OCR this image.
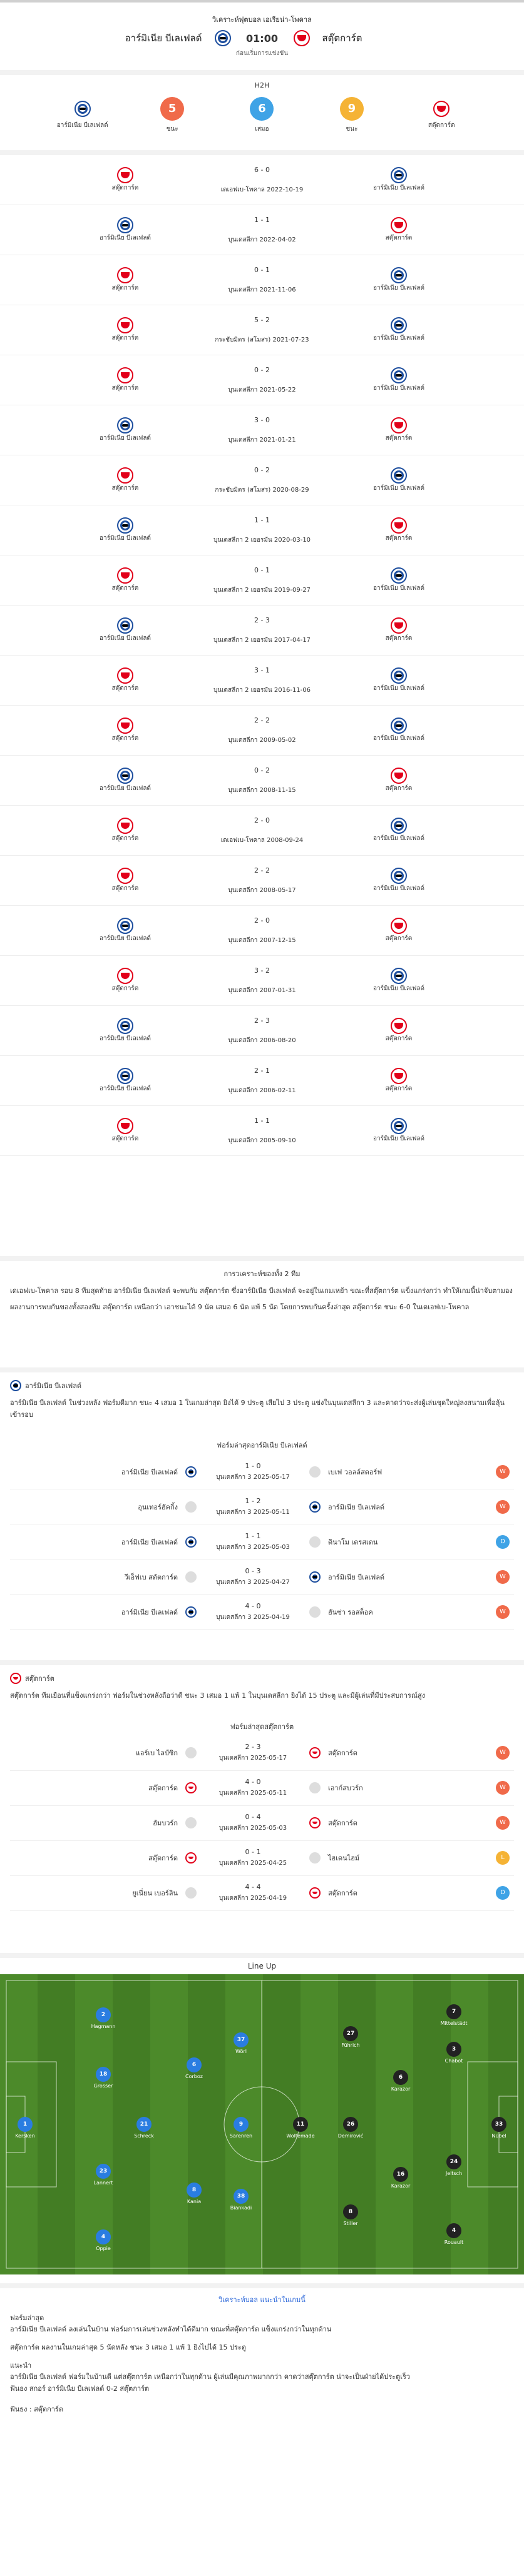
วิเคราะห์ฟุตบอล เอเรียน่า-โพคาล
อาร์มิเนีย บีเลเฟลด์	01:00	สตุ๊ตการ์ต
ก่อนเริ่มการแข่งขัน
H2H
อาร์มิเนีย บีเลเฟลด์
5
ชนะ
6
เสมอ
9
ชนะ
สตุ๊ตการ์ต
สตุ๊ตการ์ต
6 - 0
เดเอฟเบ-โพคาล 2022-10-19	อาร์มิเนีย บีเลเฟลด์
อาร์มิเนีย บีเลเฟลด์
1 - 1
บุนเดสลีกา 2022-04-02	สตุ๊ตการ์ต
สตุ๊ตการ์ต
0 - 1
บุนเดสลีกา 2021-11-06	อาร์มิเนีย บีเลเฟลด์
สตุ๊ตการ์ต
5 - 2
กระชับมิตร (สโมสร) 2021-07-23	อาร์มิเนีย บีเลเฟลด์
สตุ๊ตการ์ต
0 - 2
บุนเดสลีกา 2021-05-22	อาร์มิเนีย บีเลเฟลด์
อาร์มิเนีย บีเลเฟลด์
3 - 0
บุนเดสลีกา 2021-01-21	สตุ๊ตการ์ต
สตุ๊ตการ์ต
0 - 2
กระชับมิตร (สโมสร) 2020-08-29	อาร์มิเนีย บีเลเฟลด์
อาร์มิเนีย บีเลเฟลด์
1 - 1
บุนเดสลีกา 2 เยอรมัน 2020-03-10	สตุ๊ตการ์ต
สตุ๊ตการ์ต
0 - 1
บุนเดสลีกา 2 เยอรมัน 2019-09-27	อาร์มิเนีย บีเลเฟลด์
อาร์มิเนีย บีเลเฟลด์
2 - 3
บุนเดสลีกา 2 เยอรมัน 2017-04-17	สตุ๊ตการ์ต
สตุ๊ตการ์ต
3 - 1
บุนเดสลีกา 2 เยอรมัน 2016-11-06	อาร์มิเนีย บีเลเฟลด์
สตุ๊ตการ์ต
2 - 2
บุนเดสลีกา 2009-05-02	อาร์มิเนีย บีเลเฟลด์
อาร์มิเนีย บีเลเฟลด์
0 - 2
บุนเดสลีกา 2008-11-15	สตุ๊ตการ์ต
สตุ๊ตการ์ต
2 - 0
เดเอฟเบ-โพคาล 2008-09-24	อาร์มิเนีย บีเลเฟลด์
สตุ๊ตการ์ต
2 - 2
บุนเดสลีกา 2008-05-17	อาร์มิเนีย บีเลเฟลด์
อาร์มิเนีย บีเลเฟลด์
2 - 0
บุนเดสลีกา 2007-12-15	สตุ๊ตการ์ต
สตุ๊ตการ์ต
3 - 2
บุนเดสลีกา 2007-01-31	อาร์มิเนีย บีเลเฟลด์
อาร์มิเนีย บีเลเฟลด์
2 - 3
บุนเดสลีกา 2006-08-20	สตุ๊ตการ์ต
อาร์มิเนีย บีเลเฟลด์
2 - 1
บุนเดสลีกา 2006-02-11	สตุ๊ตการ์ต
สตุ๊ตการ์ต
1 - 1
บุนเดสลีกา 2005-09-10	อาร์มิเนีย บีเลเฟลด์
การวเคราะห์ของทั้ง 2 ทีม

เดเอฟเบ-โพคาล รอบ 8 ทีมสุดท้าย อาร์มิเนีย บีเลเฟลด์ จะพบกับ สตุ๊ตการ์ต ซึ่งอาร์มิเนีย บีเลเฟลด์ จะอยู่ในเกมเหย้า ขณะที่สตุ๊ตการ์ต แข็งแกร่งกว่า ทำให้เกมนี้น่าจับตามอง

ผลงานการพบกันของทั้งสองทีม สตุ๊ตการ์ต เหนือกว่า เอาชนะได้ 9 นัด เสมอ 6 นัด แพ้ 5 นัด โดยการพบกันครั้งล่าสุด สตุ๊ตการ์ต ชนะ 6-0 ในเดเอฟเบ-โพคาล

อาร์มิเนีย บีเลเฟลด์
อาร์มิเนีย บีเลเฟลด์ ในช่วงหลัง ฟอร์มดีมาก ชนะ 4 เสมอ 1 ในเกมล่าสุด ยิงได้ 9 ประตู เสียไป 3 ประตู แข่งในบุนเดสลีกา 3 และคาดว่าจะส่งผู้เล่นชุดใหญ่ลงสนามเพื่อลุ้นเข้ารอบ
ฟอร์มล่าสุดอาร์มิเนีย บีเลเฟลด์
อาร์มิเนีย บีเลเฟลด์
1 - 0
บุนเดสลีกา 3 2025-05-17
เบเฟ วอลล์สดอร์ฟ	W
อุนเทอร์ฮัคกิ้ง
1 - 2
บุนเดสลีกา 3 2025-05-11
อาร์มิเนีย บีเลเฟลด์	W
อาร์มิเนีย บีเลเฟลด์
1 - 1
บุนเดสลีกา 3 2025-05-03
ดินาโม เดรสเดน	D
วีเอ็ฟเบ สตัตการ์ต
0 - 3
บุนเดสลีกา 3 2025-04-27
อาร์มิเนีย บีเลเฟลด์	W
อาร์มิเนีย บีเลเฟลด์
4 - 0
บุนเดสลีกา 3 2025-04-19
ฮันซ่า รอสต็อค	W
สตุ๊ตการ์ต
สตุ๊ตการ์ต ทีมเยือนที่แข็งแกร่งกว่า ฟอร์มในช่วงหลังถือว่าดี ชนะ 3 เสมอ 1 แพ้ 1 ในบุนเดสลีกา ยิงได้ 15 ประตู และมีผู้เล่นที่มีประสบการณ์สูง
ฟอร์มล่าสุดสตุ๊ตการ์ต
แอร์เบ ไลป์ซิก
2 - 3
บุนเดสลีกา 2025-05-17
สตุ๊ตการ์ต	W
สตุ๊ตการ์ต
4 - 0
บุนเดสลีกา 2025-05-11
เอาก์สบวร์ก	W
ฮัมบวร์ก
0 - 4
บุนเดสลีกา 2025-05-03
สตุ๊ตการ์ต	W
สตุ๊ตการ์ต
0 - 1
บุนเดสลีกา 2025-04-25
ไฮเดนไฮม์	L
ยูเนี่ยน เบอร์ลิน
4 - 4
บุนเดสลีกา 2025-04-19
สตุ๊ตการ์ต	D
Line Up
1
Kersken
2
Hagmann
18
Grosser
23
Lannert
4
Oppie
6
Corboz
8
Kania
21
Schreck
37
Wörl
9
Sarenren
38
Biankadi
33
Nübel
7
Mittelstädt
3
Chabot
24
Jeltsch
4
Rouault
27
Führich
6
Karazor
16
Karazor
8
Stiller
11
Woltemade
26
Demirović
วิเคราะห์บอล แนะนำในเกมนี้

ฟอร์มล่าสุด

อาร์มิเนีย บีเลเฟลด์ ลงเล่นในบ้าน ฟอร์มการเล่นช่วงหลังทำได้ดีมาก ขณะที่สตุ๊ตการ์ต แข็งแกร่งกว่าในทุกด้าน

สตุ๊ตการ์ต ผลงานในเกมล่าสุด 5 นัดหลัง ชนะ 3 เสมอ 1 แพ้ 1 ยิงไปได้ 15 ประตู

แนะนำ

อาร์มิเนีย บีเลเฟลด์ ฟอร์มในบ้านดี แต่สตุ๊ตการ์ต เหนือกว่าในทุกด้าน ผู้เล่นมีคุณภาพมากกว่า คาดว่าสตุ๊ตการ์ต น่าจะเป็นฝ่ายได้ประตูเร็ว

ฟันธง สกอร์ อาร์มิเนีย บีเลเฟลด์ 0-2 สตุ๊ตการ์ต

ฟันธง : สตุ๊ตการ์ต
